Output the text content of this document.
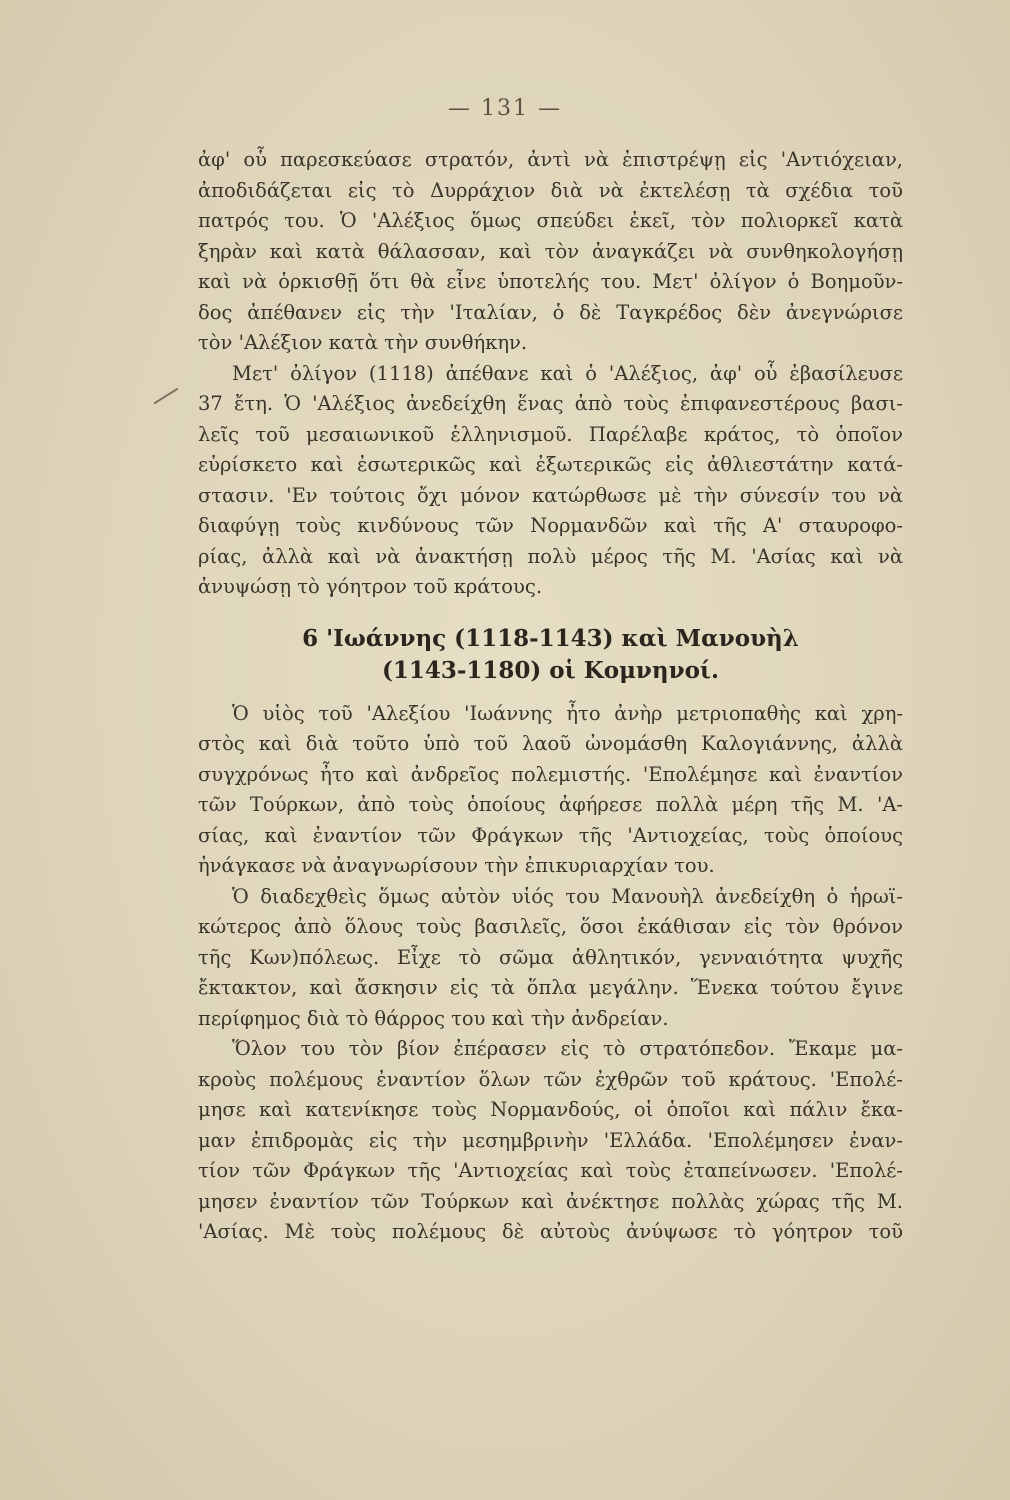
— 131 —
ἀφ' οὗ παρεσκεύασε στρατόν, ἀντὶ νὰ ἐπιστρέψῃ εἰς 'Αντιόχειαν,
ἀποδιδάζεται εἰς τὸ Δυρράχιον διὰ νὰ ἐκτελέσῃ τὰ σχέδια τοῦ
πατρός του. Ὁ 'Αλέξιος ὅμως σπεύδει ἐκεῖ, τὸν πολιορκεῖ κατὰ
ξηρὰν καὶ κατὰ θάλασσαν, καὶ τὸν ἀναγκάζει νὰ συνθηκολογήσῃ
καὶ νὰ ὁρκισθῇ ὅτι θὰ εἶνε ὑποτελής του. Μετ' ὀλίγον ὁ Βοημοῦν-
δος ἀπέθανεν εἰς τὴν 'Ιταλίαν, ὁ δὲ Ταγκρέδος δὲν ἀνεγνώρισε
τὸν 'Αλέξιον κατὰ τὴν συνθήκην.
Μετ' ὀλίγον (1118) ἀπέθανε καὶ ὁ 'Αλέξιος, ἀφ' οὗ ἐβασίλευσε
37 ἔτη. Ὁ 'Αλέξιος ἀνεδείχθη ἕνας ἀπὸ τοὺς ἐπιφανεστέρους βασι-
λεῖς τοῦ μεσαιωνικοῦ ἑλληνισμοῦ. Παρέλαβε κράτος, τὸ ὁποῖον
εὑρίσκετο καὶ ἐσωτερικῶς καὶ ἐξωτερικῶς εἰς ἀθλιεστάτην κατά-
στασιν. 'Εν τούτοις ὄχι μόνον κατώρθωσε μὲ τὴν σύνεσίν του νὰ
διαφύγῃ τοὺς κινδύνους τῶν Νορμανδῶν καὶ τῆς Α' σταυροφο-
ρίας, ἀλλὰ καὶ νὰ ἀνακτήσῃ πολὺ μέρος τῆς Μ. 'Ασίας καὶ νὰ
ἀνυψώσῃ τὸ γόητρον τοῦ κράτους.
6 'Ιωάννης (1118-1143) καὶ Μανουὴλ
(1143-1180) οἱ Κομνηνοί.
Ὁ υἱὸς τοῦ 'Αλεξίου 'Ιωάννης ἦτο ἀνὴρ μετριοπαθὴς καὶ χρη-
στὸς καὶ διὰ τοῦτο ὑπὸ τοῦ λαοῦ ὠνομάσθη Καλογιάννης, ἀλλὰ
συγχρόνως ἦτο καὶ ἀνδρεῖος πολεμιστής. 'Επολέμησε καὶ ἐναντίον
τῶν Τούρκων, ἀπὸ τοὺς ὁποίους ἀφήρεσε πολλὰ μέρη τῆς Μ. 'Α-
σίας, καὶ ἐναντίον τῶν Φράγκων τῆς 'Αντιοχείας, τοὺς ὁποίους
ἠνάγκασε νὰ ἀναγνωρίσουν τὴν ἐπικυριαρχίαν του.
Ὁ διαδεχθεὶς ὅμως αὐτὸν υἱός του Μανουὴλ ἀνεδείχθη ὁ ἡρωϊ-
κώτερος ἀπὸ ὅλους τοὺς βασιλεῖς, ὅσοι ἐκάθισαν εἰς τὸν θρόνον
τῆς Κων)πόλεως. Εἶχε τὸ σῶμα ἀθλητικόν, γενναιότητα ψυχῆς
ἔκτακτον, καὶ ἄσκησιν εἰς τὰ ὅπλα μεγάλην. Ἕνεκα τούτου ἔγινε
περίφημος διὰ τὸ θάρρος του καὶ τὴν ἀνδρείαν.
Ὅλον του τὸν βίον ἐπέρασεν εἰς τὸ στρατόπεδον. Ἔκαμε μα-
κροὺς πολέμους ἐναντίον ὅλων τῶν ἐχθρῶν τοῦ κράτους. 'Επολέ-
μησε καὶ κατενίκησε τοὺς Νορμανδούς, οἱ ὁποῖοι καὶ πάλιν ἔκα-
μαν ἐπιδρομὰς εἰς τὴν μεσημβρινὴν 'Ελλάδα. 'Επολέμησεν ἐναν-
τίον τῶν Φράγκων τῆς 'Αντιοχείας καὶ τοὺς ἐταπείνωσεν. 'Επολέ-
μησεν ἐναντίον τῶν Τούρκων καὶ ἀνέκτησε πολλὰς χώρας τῆς Μ.
'Ασίας. Μὲ τοὺς πολέμους δὲ αὐτοὺς ἀνύψωσε τὸ γόητρον τοῦ
